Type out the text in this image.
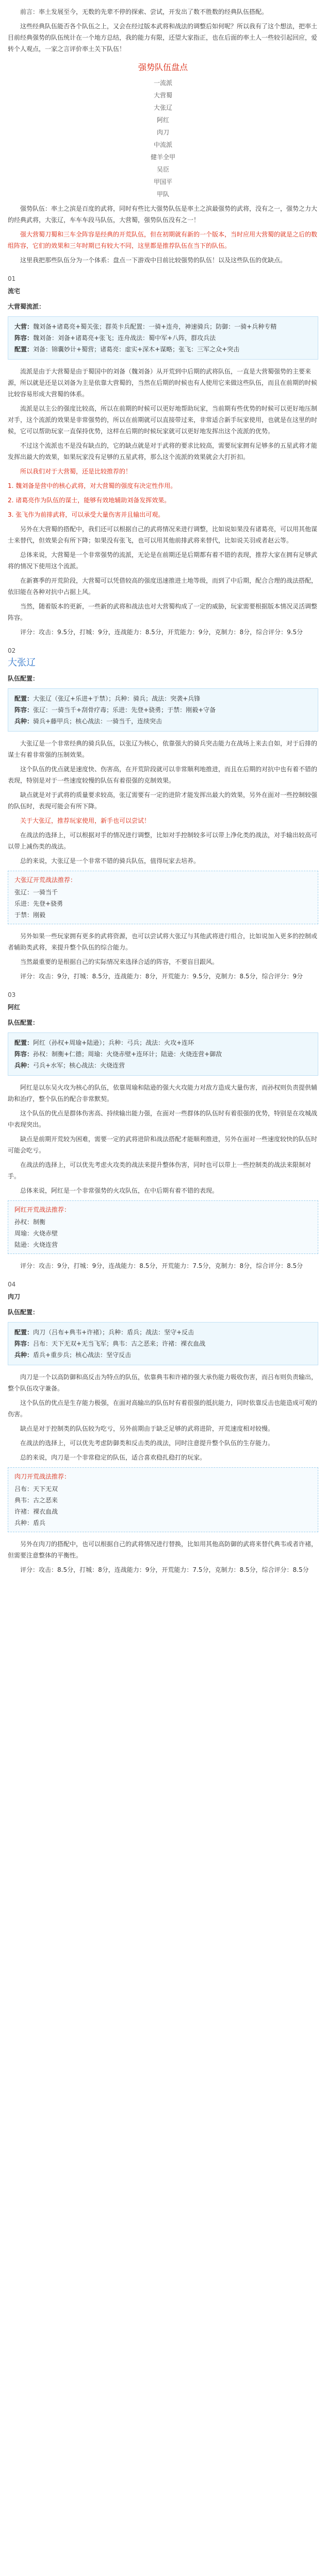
前言：率土发展至今，无数的先辈不停的探索、尝试，开发出了数不胜数的经典队伍搭配。

这些经典队伍能否各个队伍之上，又会在经过版本武将和战法的调整后如何呢？所以我有了这个想法，把率土目前经典强势的队伍统计在一个地方总结，我的能力有限，还望大家指正，也在后面的率土人一些较引起回应，爱转个人观点，一家之言评价率土关下队伍！

强势队伍盘点

一流派

大营蜀

大张辽

阿红

肉刀

中流派

健羊全甲

吴臣

甲国平

甲队

强势队伍：率土之滨是百度的武将，同时有些比大强势队伍是率土之滨最强势的武将，没有之一，强势之力大的经典武将，大张辽，车车车段马队伍，大营蜀，强势队伍没有之一！

强大营蜀刀蜀和三车全阵容是经典的开荒队伍，但在初期就有新的一个版本，当时应用大营蜀的就是之后的数组阵容，它们的效果和三年时期已有较大不同，这里都是推荐队伍在当下的队伍。

这里我把那些队伍分为一个体系：盘点一下游戏中目前比较强势的队伍！以及这些队伍的优缺点。

01

流宅

大营蜀流派：

大营：魏刘备+诸葛亮+蜀关张；群英卡兵配置：一骑+连舟，神速骑兵；防御：一骑+兵种专精
阵容：魏刘备：刘备+诸葛亮+张飞；连舟战法：蜀中军+八阵，群攻兵法
配置：刘备：锦囊妙计+蜀营；诸葛亮：虚实+深木+谋略；张飞：三军之众+突击

流派是由于大营蜀是由于蜀国中的刘备（魏刘备）从开荒到中后期的武将队伍，一直是大营蜀强势的主要来源，所以就是还是以刘备为主是依靠大营蜀的，当然在后期的时候也有人使用它来做这些队伍，而且在前期的时候比较容易形成大营蜀的体系。

流派是以主公的强度比较高，所以在前期的时候可以更好地帮助玩家，当前期有些优势的时候可以更好地压制对手，这个流派的效果是非常强势的，所以在前期就可以直接带过来，非常适合新手玩家使用，也就是在这里的时候，它可以帮助玩家一直保持优势，这样在后期的时候玩家就可以更好地发挥出这个流派的优势。

不过这个流派也不是没有缺点的，它的缺点就是对于武将的要求比较高，需要玩家拥有足够多的五星武将才能发挥出最大的效果，如果玩家没有足够的五星武将，那么这个流派的效果就会大打折扣。

所以我们对于大营蜀，还是比较推荐的！

1. 魏刘备是营中的核心武将，对大营蜀的强度有决定性作用。

2. 诸葛亮作为队伍的谋士，能够有效地辅助刘备发挥效果。

3. 张飞作为前排武将，可以承受大量伤害并且输出可观。

另外在大营蜀的搭配中，我们还可以根据自己的武将情况来进行调整，比如说如果没有诸葛亮，可以用其他谋士来替代，但效果会有所下降；如果没有张飞，也可以用其他前排武将来替代，比如说关羽或者赵云等。

总体来说，大营蜀是一个非常强势的流派，无论是在前期还是后期都有着不错的表现，推荐大家在拥有足够武将的情况下使用这个流派。

在新赛季的开荒阶段，大营蜀可以凭借较高的强度迅速推进土地等级，而到了中后期，配合合理的战法搭配，依旧能在各种对抗中占据上风。

当然，随着版本的更新，一些新的武将和战法也对大营蜀构成了一定的威胁，玩家需要根据版本情况灵活调整阵容。

评分：攻击：9.5分，打城：9分，连战能力：8.5分，开荒能力：9分，克制力：8分，综合评分：9.5分

02

大张辽

队伍配置：

配置：大张辽（张辽+乐进+于禁）；兵种：骑兵；战法：突袭+兵锋
阵容：张辽：一骑当千+刮骨疗毒；乐进：先登+骁勇；于禁：刚毅+守备
兵种：骑兵+藤甲兵；核心战法：一骑当千，连续突击

大张辽是一个非常经典的骑兵队伍，以张辽为核心，依靠强大的骑兵突击能力在战场上来去自如，对于后排的谋士有着非常强的压制效果。

这个队伍的优点就是速度快、伤害高，在开荒阶段就可以非常顺利地推进，而且在后期的对抗中也有着不错的表现，特别是对于一些速度较慢的队伍有着很强的克制效果。

缺点就是对于武将的质量要求较高，张辽需要有一定的进阶才能发挥出最大的效果，另外在面对一些控制较强的队伍时，表现可能会有所下降。

关于大张辽，推荐玩家使用，新手也可以尝试！

在战法的选择上，可以根据对手的情况进行调整，比如对手控制较多可以带上净化类的战法，对手输出较高可以带上减伤类的战法。

总的来说，大张辽是一个非常不错的骑兵队伍，值得玩家去培养。

大张辽开荒战法推荐：
张辽：一骑当千
乐进：先登+骁勇
于禁：刚毅

另外如果一些玩家拥有更多的武将资源，也可以尝试将大张辽与其他武将进行组合，比如说加入更多的控制或者辅助类武将，来提升整个队伍的综合能力。

当然最重要的是根据自己的实际情况来选择合适的阵容，不要盲目跟风。

评分：攻击：9分，打城：8.5分，连战能力：8分，开荒能力：9.5分，克制力：8.5分，综合评分：9分

03

阿红

队伍配置：

配置：阿红（孙权+周瑜+陆逊）；兵种：弓兵；战法：火攻+连环
阵容：孙权：制衡+仁德；周瑜：火烧赤壁+连环计；陆逊：火烧连营+御敌
兵种：弓兵+水军；核心战法：火烧连营

阿红是以东吴火攻为核心的队伍，依靠周瑜和陆逊的强大火攻能力对敌方造成大量伤害，而孙权则负责提供辅助和治疗，整个队伍的配合非常默契。

这个队伍的优点是群体伤害高、持续输出能力强，在面对一些群体的队伍时有着很强的优势，特别是在攻城战中表现突出。

缺点是前期开荒较为困难，需要一定的武将进阶和战法搭配才能顺利推进，另外在面对一些速度较快的队伍时可能会吃亏。

在战法的选择上，可以优先考虑火攻类的战法来提升整体伤害，同时也可以带上一些控制类的战法来限制对手。

总体来说，阿红是一个非常强势的火攻队伍，在中后期有着不错的表现。

阿红开荒战法推荐：
孙权：制衡
周瑜：火烧赤壁
陆逊：火烧连营

评分：攻击：9分，打城：9分，连战能力：8.5分，开荒能力：7.5分，克制力：8分，综合评分：8.5分

04

肉刀

队伍配置：

配置：肉刀（吕布+典韦+许褚）；兵种：盾兵；战法：坚守+反击
阵容：吕布：天下无双+无当飞军；典韦：古之恶来；许褚：裸衣血战
兵种：盾兵+重步兵；核心战法：坚守反击

肉刀是一个以高防御和高反击为特点的队伍，依靠典韦和许褚的强大承伤能力吸收伤害，而吕布则负责输出，整个队伍攻守兼备。

这个队伍的优点是生存能力极强，在面对高输出的队伍时有着很强的抵抗能力，同时依靠反击也能造成可观的伤害。

缺点是对于控制类的队伍较为吃亏，另外前期由于缺乏足够的武将进阶，开荒速度相对较慢。

在战法的选择上，可以优先考虑防御类和反击类的战法，同时注意提升整个队伍的生存能力。

总的来说，肉刀是一个非常稳定的队伍，适合喜欢稳扎稳打的玩家。

肉刀开荒战法推荐：
吕布：天下无双
典韦：古之恶来
许褚：裸衣血战
兵种：盾兵

另外在肉刀的搭配中，也可以根据自己的武将情况进行替换，比如用其他高防御的武将来替代典韦或者许褚，但需要注意整体的平衡性。

评分：攻击：8.5分，打城：8分，连战能力：9分，开荒能力：7.5分，克制力：8.5分，综合评分：8.5分
